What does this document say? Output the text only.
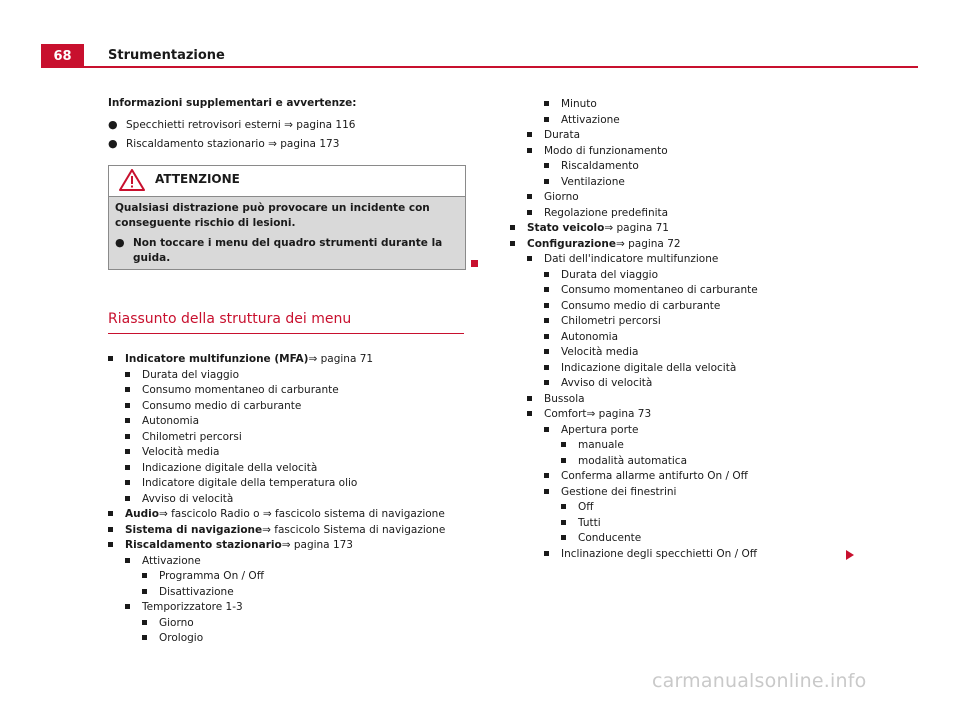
68	Strumentazione
Informazioni supplementari e avvertenze:
● Specchietti retrovisori esterni ⇒ pagina 116
● Riscaldamento stazionario ⇒ pagina 173
ATTENZIONE
Qualsiasi distrazione può provocare un incidente con conseguente rischio di lesioni.
● Non toccare i menu del quadro strumenti durante la guida.
Riassunto della struttura dei menu
Indicatore multifunzione (MFA) ⇒ pagina 71
Durata del viaggio
Consumo momentaneo di carburante
Consumo medio di carburante
Autonomia
Chilometri percorsi
Velocità media
Indicazione digitale della velocità
Indicatore digitale della temperatura olio
Avviso di velocità
Audio ⇒ fascicolo Radio o ⇒ fascicolo sistema di navigazione
Sistema di navigazione ⇒ fascicolo Sistema di navigazione
Riscaldamento stazionario ⇒ pagina 173
Attivazione
Programma On / Off
Disattivazione
Temporizzatore 1-3
Giorno
Orologio
Minuto
Attivazione
Durata
Modo di funzionamento
Riscaldamento
Ventilazione
Giorno
Regolazione predefinita
Stato veicolo ⇒ pagina 71
Configurazione ⇒ pagina 72
Dati dell'indicatore multifunzione
Durata del viaggio
Consumo momentaneo di carburante
Consumo medio di carburante
Chilometri percorsi
Autonomia
Velocità media
Indicazione digitale della velocità
Avviso di velocità
Bussola
Comfort ⇒ pagina 73
Apertura porte
manuale
modalità automatica
Conferma allarme antifurto On / Off
Gestione dei finestrini
Off
Tutti
Conducente
Inclinazione degli specchietti On / Off
carmanualsonline.info
